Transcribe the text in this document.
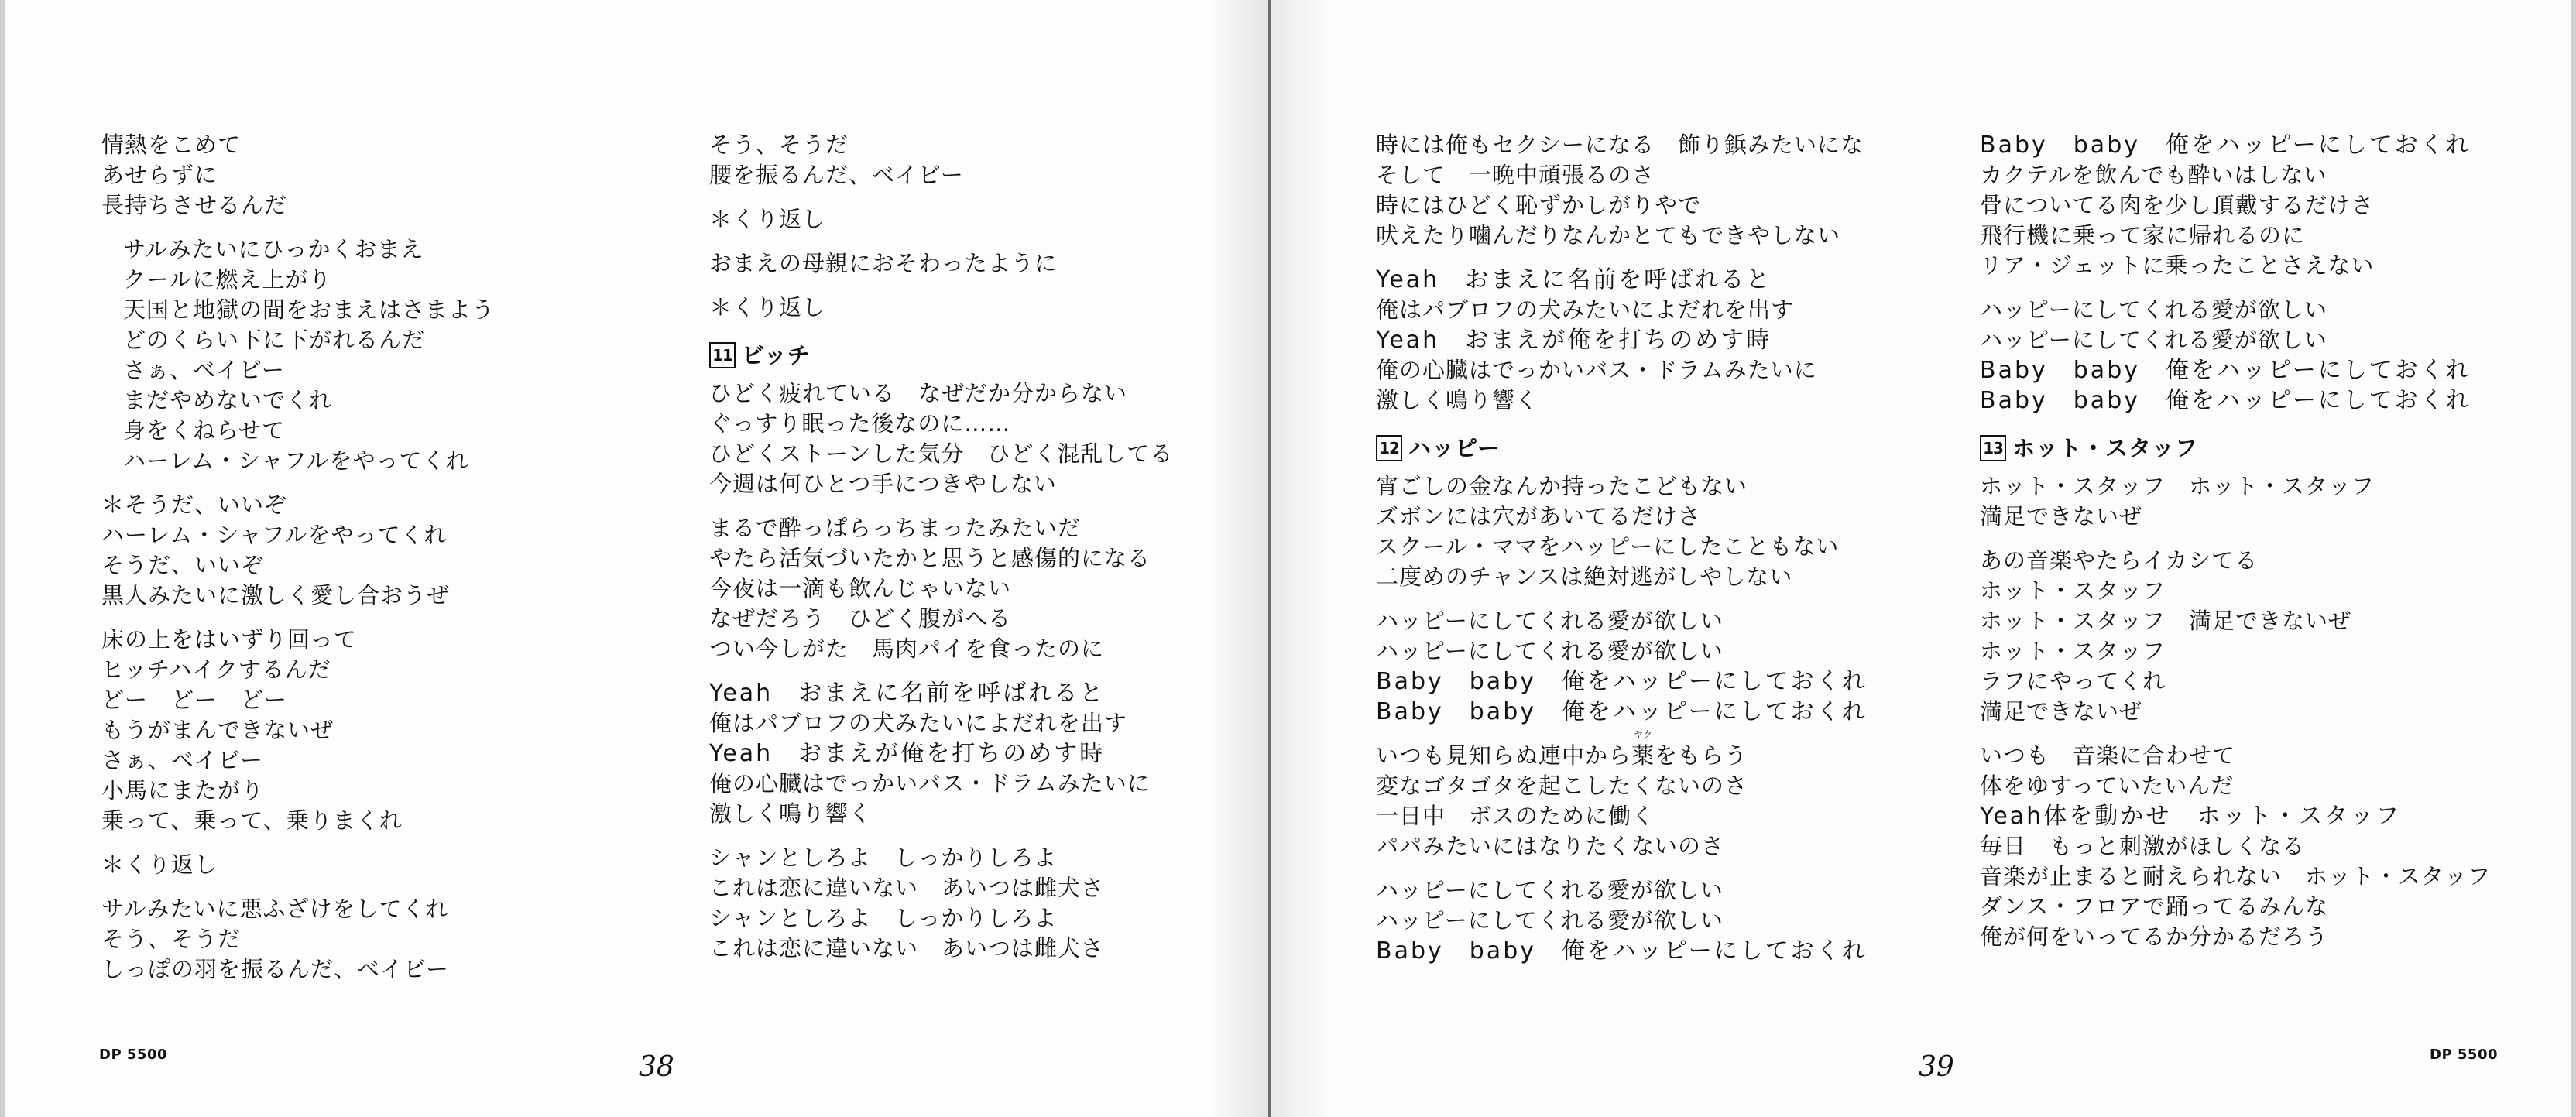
情熱をこめて
あせらずに
長持ちさせるんだ
サルみたいにひっかくおまえ
クールに燃え上がり
天国と地獄の間をおまえはさまよう
どのくらい下に下がれるんだ
さぁ、ベイビー
まだやめないでくれ
身をくねらせて
ハーレム・シャフルをやってくれ
＊そうだ、いいぞ
ハーレム・シャフルをやってくれ
そうだ、いいぞ
黒人みたいに激しく愛し合おうぜ
床の上をはいずり回って
ヒッチハイクするんだ
どー　どー　どー
もうがまんできないぜ
さぁ、ベイビー
小馬にまたがり
乗って、乗って、乗りまくれ
＊くり返し
サルみたいに悪ふざけをしてくれ
そう、そうだ
しっぽの羽を振るんだ、ベイビー
そう、そうだ
腰を振るんだ、ベイビー
＊くり返し
おまえの母親におそわったように
＊くり返し
11 ビッチ
ひどく疲れている　なぜだか分からない
ぐっすり眠った後なのに……
ひどくストーンした気分　ひどく混乱してる
今週は何ひとつ手につきやしない
まるで酔っぱらっちまったみたいだ
やたら活気づいたかと思うと感傷的になる
今夜は一滴も飲んじゃいない
なぜだろう　ひどく腹がへる
つい今しがた　馬肉パイを食ったのに
Yeah　おまえに名前を呼ばれると
俺はパブロフの犬みたいによだれを出す
Yeah　おまえが俺を打ちのめす時
俺の心臓はでっかいバス・ドラムみたいに
激しく鳴り響く
シャンとしろよ　しっかりしろよ
これは恋に違いない　あいつは雌犬さ
シャンとしろよ　しっかりしろよ
これは恋に違いない　あいつは雌犬さ
時には俺もセクシーになる　飾り鋲みたいにな
そして　一晩中頑張るのさ
時にはひどく恥ずかしがりやで
吠えたり噛んだりなんかとてもできやしない
Yeah　おまえに名前を呼ばれると
俺はパブロフの犬みたいによだれを出す
Yeah　おまえが俺を打ちのめす時
俺の心臓はでっかいバス・ドラムみたいに
激しく鳴り響く
12 ハッピー
宵ごしの金なんか持ったこどもない
ズボンには穴があいてるだけさ
スクール・ママをハッピーにしたこともない
二度めのチャンスは絶対逃がしやしない
ハッピーにしてくれる愛が欲しい
ハッピーにしてくれる愛が欲しい
Baby　baby　俺をハッピーにしておくれ
Baby　baby　俺をハッピーにしておくれ
いつも見知らぬ連中から
ヤク
薬をもらう
変なゴタゴタを起こしたくないのさ
一日中　ボスのために働く
パパみたいにはなりたくないのさ
ハッピーにしてくれる愛が欲しい
ハッピーにしてくれる愛が欲しい
Baby　baby　俺をハッピーにしておくれ
Baby　baby　俺をハッピーにしておくれ
カクテルを飲んでも酔いはしない
骨についてる肉を少し頂戴するだけさ
飛行機に乗って家に帰れるのに
リア・ジェットに乗ったことさえない
ハッピーにしてくれる愛が欲しい
ハッピーにしてくれる愛が欲しい
Baby　baby　俺をハッピーにしておくれ
Baby　baby　俺をハッピーにしておくれ
13 ホット・スタッフ
ホット・スタッフ　ホット・スタッフ
満足できないぜ
あの音楽やたらイカシてる
ホット・スタッフ
ホット・スタッフ　満足できないぜ
ホット・スタッフ
ラフにやってくれ
満足できないぜ
いつも　音楽に合わせて
体をゆすっていたいんだ
Yeah体を動かせ　ホット・スタッフ
毎日　もっと刺激がほしくなる
音楽が止まると耐えられない　ホット・スタッフ
ダンス・フロアで踊ってるみんな
俺が何をいってるか分かるだろう
DP 5500	38	39	DP 5500
